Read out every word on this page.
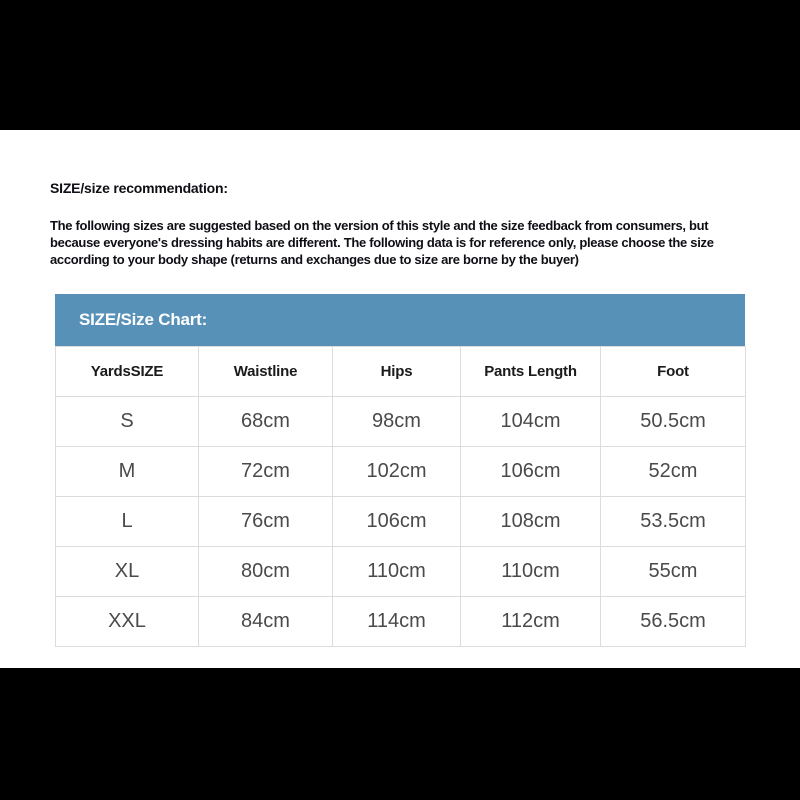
SIZE/size recommendation:

The following sizes are suggested based on the version of this style and the size feedback from consumers, but because everyone's dressing habits are different. The following data is for reference only, please choose the size according to your body shape (returns and exchanges due to size are borne by the buyer)

SIZE/Size Chart:
YardsSIZE	Waistline	Hips	Pants Length	Foot
S	68cm	98cm	104cm	50.5cm
M	72cm	102cm	106cm	52cm
L	76cm	106cm	108cm	53.5cm
XL	80cm	110cm	110cm	55cm
XXL	84cm	114cm	112cm	56.5cm
